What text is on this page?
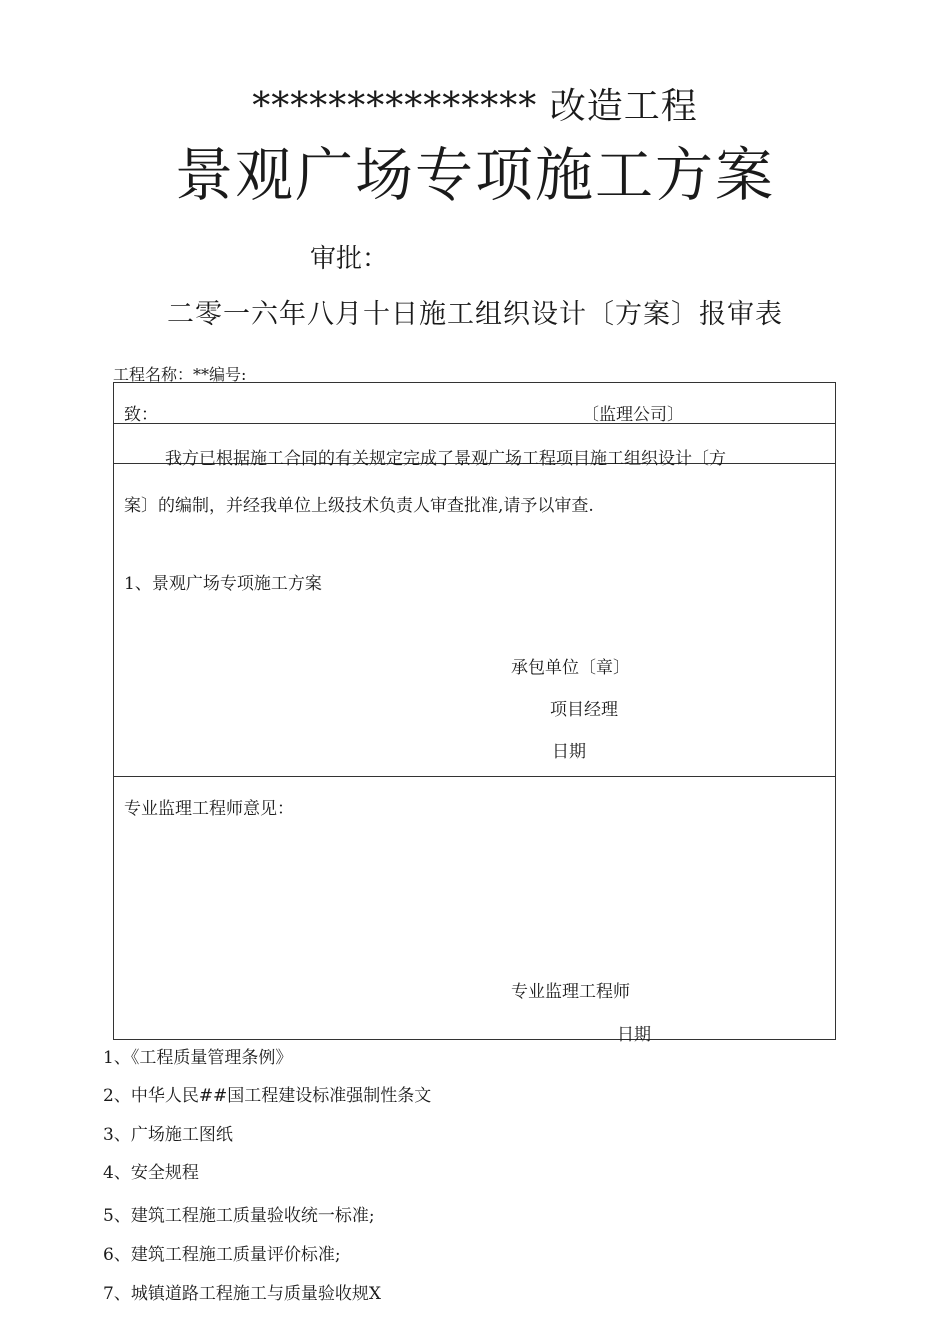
*************** 改造工程
景观广场专项施工方案
审批：
二零一六年八月十日施工组织设计〔方案〕报审表
工程名称：**编号:
致：	〔监理公司〕
我方已根据施工合同的有关规定完成了景观广场工程项目施工组织设计〔方
案〕的编制，并经我单位上级技术负责人审查批准,请予以审查.
1、景观广场专项施工方案
承包单位〔章〕
项目经理
日期
专业监理工程师意见：
专业监理工程师
日期
1、《工程质量管理条例》
2、中华人民##国工程建设标准强制性条文
3、广场施工图纸
4、安全规程
5、建筑工程施工质量验收统一标准;
6、建筑工程施工质量评价标准;
7、城镇道路工程施工与质量验收规X
